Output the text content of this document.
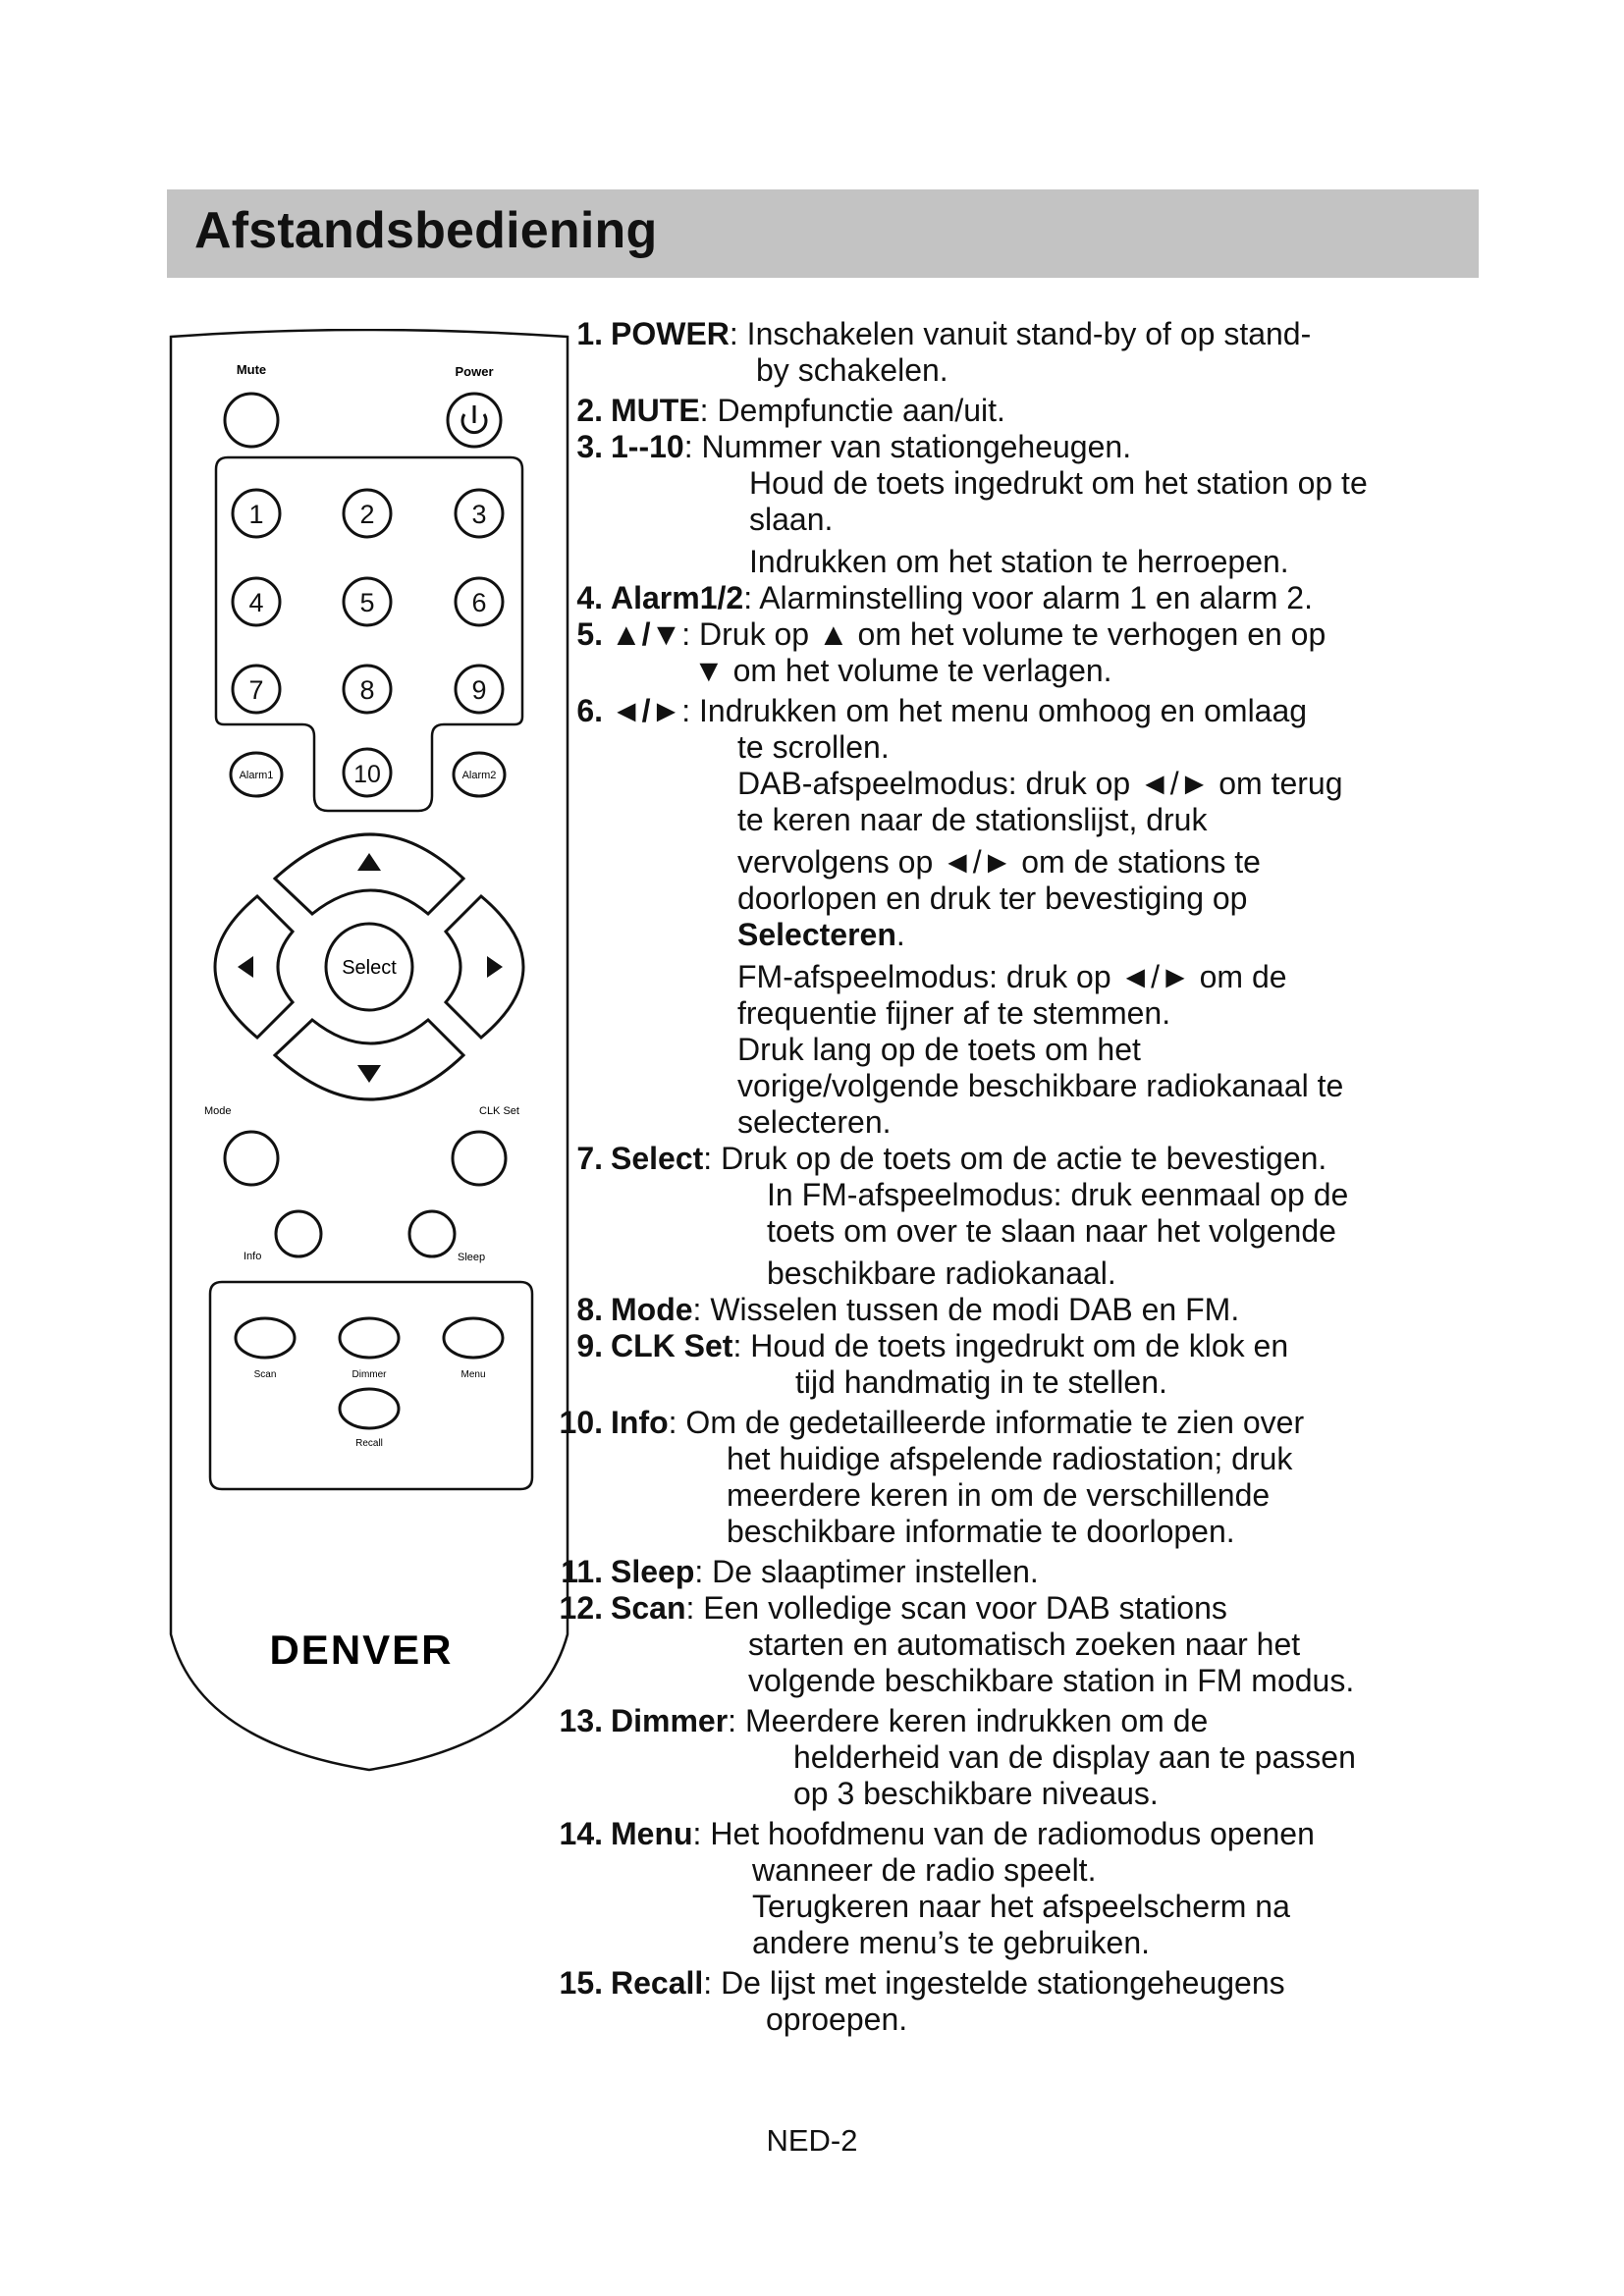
Afstandsbediening
Mute	Power
1	2	3
4	5	6
7	8	9
10
Alarm1	Alarm2
Select
Mode	CLK Set
Info	Sleep
Scan	Dimmer	Menu
Recall
DENVER
1. POWER: Inschakelen vanuit stand-by of op stand-
by schakelen.
2. MUTE: Dempfunctie aan/uit.
3. 1--10: Nummer van stationgeheugen.
Houd de toets ingedrukt om het station op te
slaan.
Indrukken om het station te herroepen.
4. Alarm1/2: Alarminstelling voor alarm 1 en alarm 2.
5. ▲/▼: Druk op ▲ om het volume te verhogen en op
▼ om het volume te verlagen.
6. ◄/►: Indrukken om het menu omhoog en omlaag
te scrollen.
DAB-afspeelmodus: druk op ◄/► om terug
te keren naar de stationslijst, druk
vervolgens op ◄/► om de stations te
doorlopen en druk ter bevestiging op
Selecteren.
FM-afspeelmodus: druk op ◄/► om de
frequentie fijner af te stemmen.
Druk lang op de toets om het
vorige/volgende beschikbare radiokanaal te
selecteren.
7. Select: Druk op de toets om de actie te bevestigen.
In FM-afspeelmodus: druk eenmaal op de
toets om over te slaan naar het volgende
beschikbare radiokanaal.
8. Mode: Wisselen tussen de modi DAB en FM.
9. CLK Set: Houd de toets ingedrukt om de klok en
tijd handmatig in te stellen.
10. Info: Om de gedetailleerde informatie te zien over
het huidige afspelende radiostation; druk
meerdere keren in om de verschillende
beschikbare informatie te doorlopen.
11. Sleep: De slaaptimer instellen.
12. Scan: Een volledige scan voor DAB stations
starten en automatisch zoeken naar het
volgende beschikbare station in FM modus.
13. Dimmer: Meerdere keren indrukken om de
helderheid van de display aan te passen
op 3 beschikbare niveaus.
14. Menu: Het hoofdmenu van de radiomodus openen
wanneer de radio speelt.
Terugkeren naar het afspeelscherm na
andere menu’s te gebruiken.
15. Recall: De lijst met ingestelde stationgeheugens
oproepen.
NED-2
